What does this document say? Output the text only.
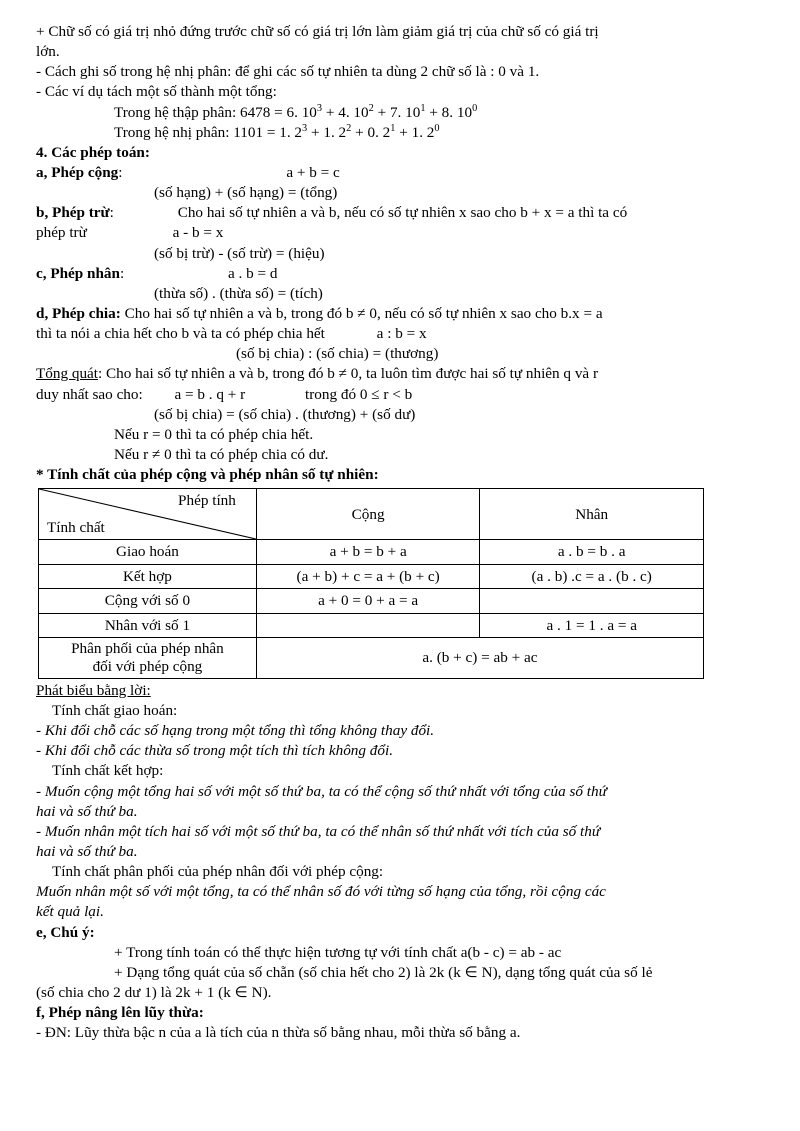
+ Chữ số có giá trị nhỏ đứng trước chữ số có giá trị lớn làm giảm giá trị của chữ số có giá trị

lớn.

- Cách ghi số trong hệ nhị phân: để ghi các số tự nhiên ta dùng 2 chữ số là : 0 và 1.

- Các ví dụ tách một số thành một tổng:

Trong hệ thập phân: 6478 = 6. $10^3 + 4$. $10^2 + 7$. $10^1 + 8$. $10^0$

Trong hệ nhị phân: 1101 = 1. $2^3 + 1$. $2^2 + 0$. $2^1 + 1$. $2^0$

4. Các phép toán:

a, Phép cộng:	a + b = c

(số hạng) + (số hạng) = (tổng)

b, Phép trừ:	Cho hai số tự nhiên a và b, nếu có số tự nhiên x sao cho b + x = a thì ta có

phép trừ	a - b = x

(số bị trừ) - (số trừ) = (hiệu)

c, Phép nhân:	a . b = d

(thừa số) . (thừa số) = (tích)

d, Phép chia: Cho hai số tự nhiên a và b, trong đó b ≠ 0, nếu có số tự nhiên x sao cho b.x = a

thì ta nói a chia hết cho b và ta có phép chia hết	a : b = x

(số bị chia) : (số chia) = (thương)

Tổng quát: Cho hai số tự nhiên a và b, trong đó b ≠ 0, ta luôn tìm được hai số tự nhiên q và r

duy nhất sao cho: a = b . q + r	trong đó 0 ≤ r < b

(số bị chia) = (số chia) . (thương) + (số dư)

Nếu r = 0 thì ta có phép chia hết.

Nếu r ≠ 0 thì ta có phép chia có dư.

* Tính chất của phép cộng và phép nhân số tự nhiên:

Phép tính
Tính chất	Cộng	Nhân
Giao hoán	a + b = b + a	a . b = b . a
Kết hợp	(a + b) + c = a + (b + c)	(a . b) .c = a . (b . c)
Cộng với số 0	a + 0 = 0 + a = a	
Nhân với số 1		a . 1 = 1 . a = a

Phân phối của phép nhân
đối với phép cộng	a. (b + c) = ab + ac	

Phát biểu bằng lời:

Tính chất giao hoán:

- Khi đổi chỗ các số hạng trong một tổng thì tổng không thay đổi.

- Khi đổi chỗ các thừa số trong một tích thì tích không đổi.

Tính chất kết hợp:

- Muốn cộng một tổng hai số với một số thứ ba, ta có thể cộng số thứ nhất với tổng của số thứ

hai và số thứ ba.

- Muốn nhân một tích hai số với một số thứ ba, ta có thể nhân số thứ nhất với tích của số thứ

hai và số thứ ba.

Tính chất phân phối của phép nhân đối với phép cộng:

Muốn nhân một số với một tổng, ta có thể nhân số đó với từng số hạng của tổng, rồi cộng các

kết quả lại.

e, Chú ý:

+ Trong tính toán có thể thực hiện tương tự với tính chất a(b - c) = ab - ac

+ Dạng tổng quát của số chẵn (số chia hết cho 2) là 2k (k ∈ N), dạng tổng quát của số lẻ

(số chia cho 2 dư 1) là 2k + 1 (k ∈ N).

f, Phép nâng lên lũy thừa:

- ĐN: Lũy thừa bậc n của a là tích của n thừa số bằng nhau, mỗi thừa số bằng a.
